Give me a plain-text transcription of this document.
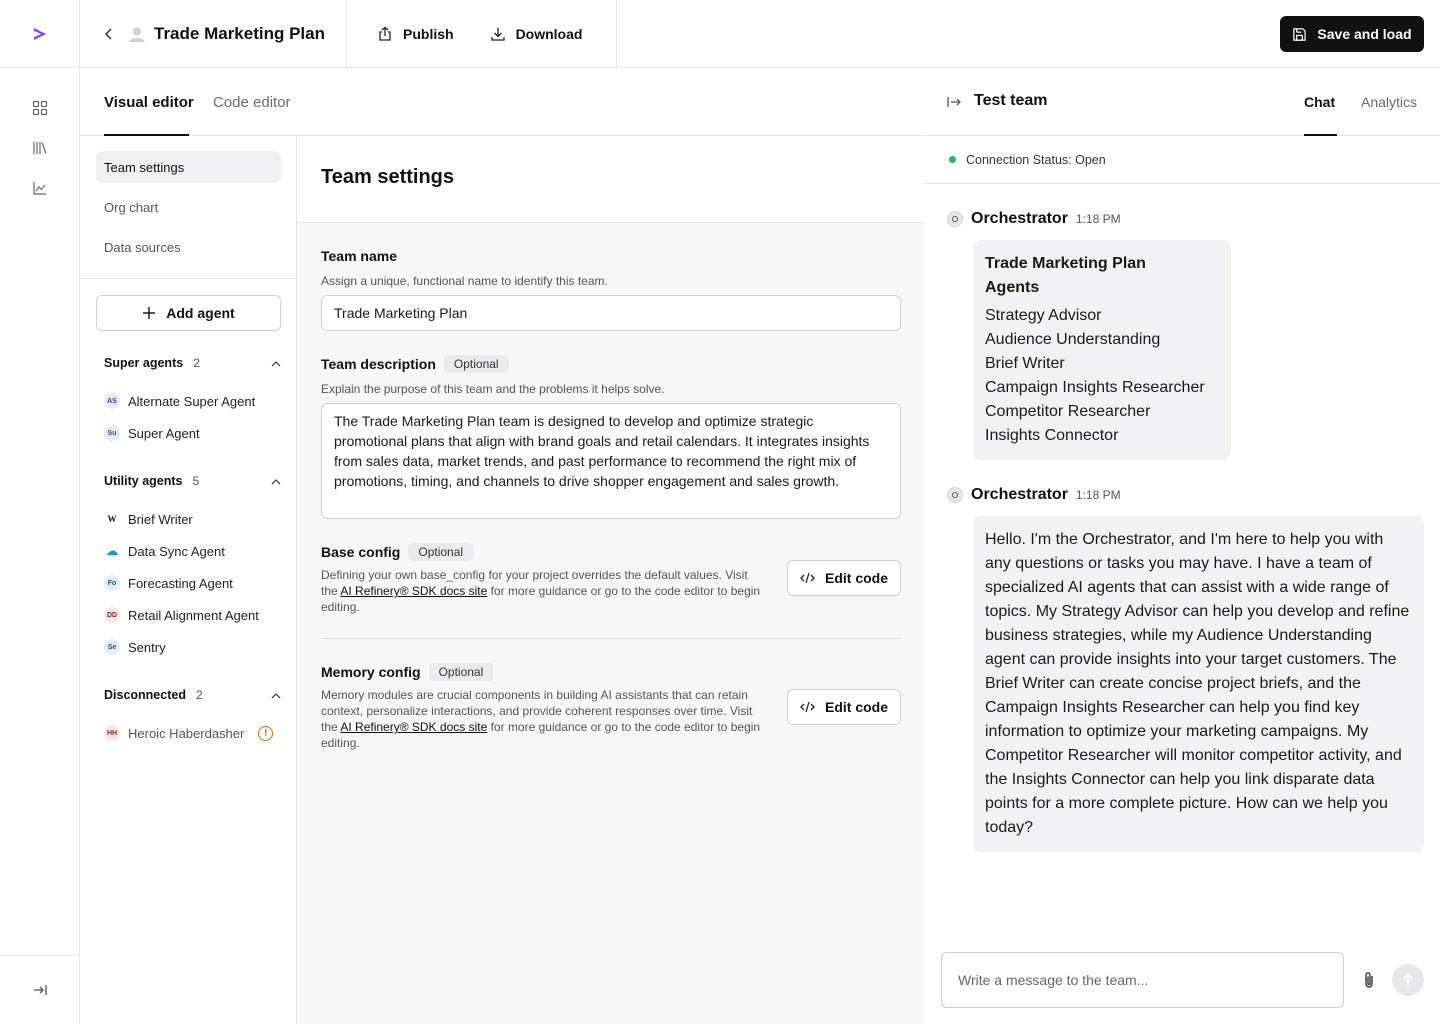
Trade Marketing Plan	Publish	Download	Save and load
Visual editor Code editor
Team settings
Org chart
Data sources
Add agent
Super agents 2
AS Alternate Super Agent
Su Super Agent
Utility agents 5
W Brief Writer
☁ Data Sync Agent
Fo Forecasting Agent
DD Retail Alignment Agent
Se Sentry
Disconnected 2
HH Heroic Haberdasher	!
Team settings
Team name
Assign a unique, functional name to identify this team.
Trade Marketing Plan
Team description	Optional
Explain the purpose of this team and the problems it helps solve.
The Trade Marketing Plan team is designed to develop and optimize strategic promotional plans that align with brand goals and retail calendars. It integrates insights from sales data, market trends, and past performance to recommend the right mix of promotions, timing, and channels to drive shopper engagement and sales growth.
Base config	Optional
Defining your own base_config for your project overrides the default values. Visit the AI Refinery® SDK docs site for more guidance or go to the code editor to begin editing.
Edit code
Memory config	Optional
Memory modules are crucial components in building AI assistants that can retain context, personalize interactions, and provide coherent responses over time. Visit the AI Refinery® SDK docs site for more guidance or go to the code editor to begin editing.
Edit code
Test team	Chat Analytics
Connection Status: Open
O Orchestrator 1:18 PM
Trade Marketing Plan
Agents
Strategy Advisor
Audience Understanding
Brief Writer
Campaign Insights Researcher
Competitor Researcher
Insights Connector
O Orchestrator 1:18 PM
Hello. I'm the Orchestrator, and I'm here to help you with any questions or tasks you may have. I have a team of specialized AI agents that can assist with a wide range of topics. My Strategy Advisor can help you develop and refine business strategies, while my Audience Understanding agent can provide insights into your target customers. The Brief Writer can create concise project briefs, and the Campaign Insights Researcher can help you find key information to optimize your marketing campaigns. My Competitor Researcher will monitor competitor activity, and the Insights Connector can help you link disparate data points for a more complete picture. How can we help you today?
Write a message to the team...
